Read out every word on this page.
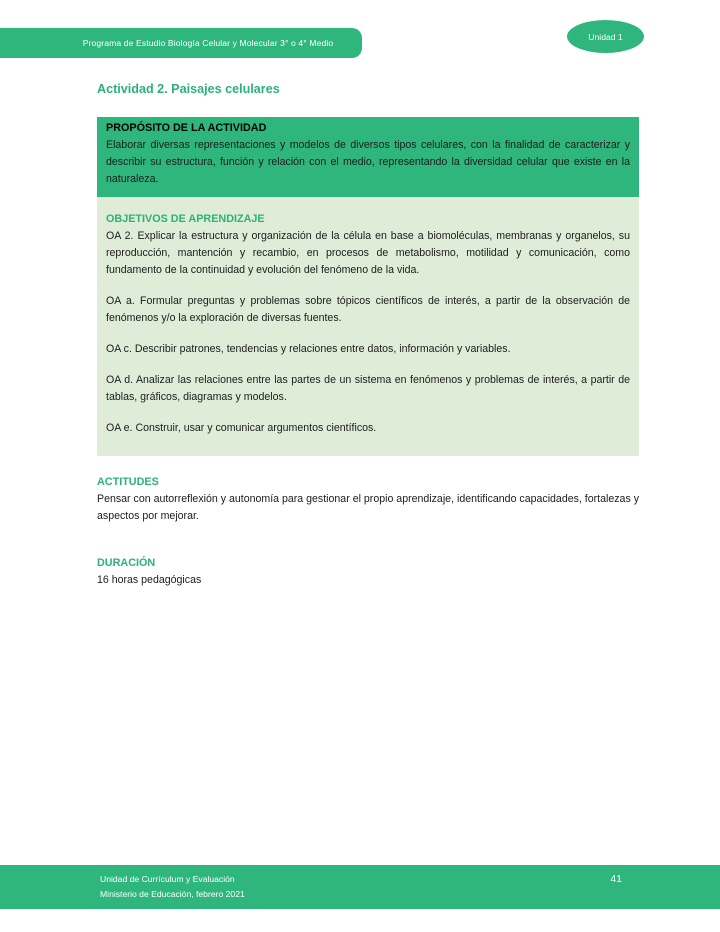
Programa de Estudio Biología Celular y Molecular 3° o 4° Medio
Unidad 1
Actividad 2. Paisajes celulares
PROPÓSITO DE LA ACTIVIDAD

Elaborar diversas representaciones y modelos de diversos tipos celulares, con la finalidad de caracterizar y describir su estructura, función y relación con el medio, representando la diversidad celular que existe en la naturaleza.

OBJETIVOS DE APRENDIZAJE

OA 2. Explicar la estructura y organización de la célula en base a biomoléculas, membranas y organelos, su reproducción, mantención y recambio, en procesos de metabolismo, motilidad y comunicación, como fundamento de la continuidad y evolución del fenómeno de la vida.

OA a. Formular preguntas y problemas sobre tópicos científicos de interés, a partir de la observación de fenómenos y/o la exploración de diversas fuentes.

OA c. Describir patrones, tendencias y relaciones entre datos, información y variables.

OA d. Analizar las relaciones entre las partes de un sistema en fenómenos y problemas de interés, a partir de tablas, gráficos, diagramas y modelos.

OA e. Construir, usar y comunicar argumentos científicos.

ACTITUDES

Pensar con autorreflexión y autonomía para gestionar el propio aprendizaje, identificando capacidades, fortalezas y aspectos por mejorar.

DURACIÓN

16 horas pedagógicas

Unidad de Currículum y Evaluación
Ministerio de Educación, febrero 2021
41
